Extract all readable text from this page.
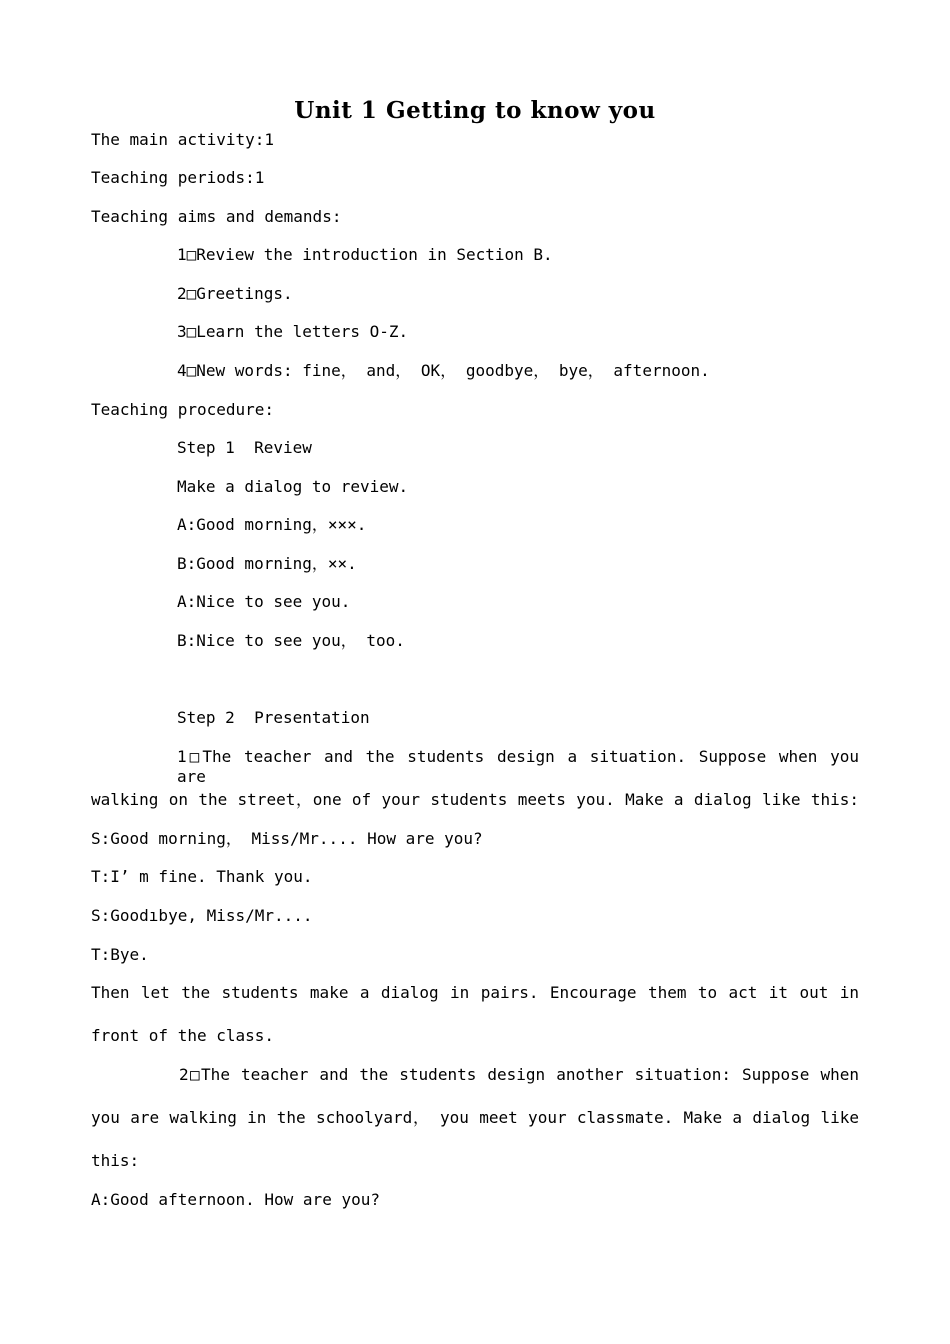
Unit 1 Getting to know you
The main activity:1
Teaching periods:1
Teaching aims and demands:
1□Review the introduction in Section B.
2□Greetings.
3□Learn the letters O-Z.
4□New words: fine， and， OK， goodbye， bye， afternoon.
Teaching procedure:
Step 1  Review
Make a dialog to review.
A:Good morning，×××.
B:Good morning，××.
A:Nice to see you.
B:Nice to see you， too.
Step 2  Presentation
1□The teacher and the students design a situation. Suppose when you are
walking on the street，one of your students meets you. Make a dialog like this:
S:Good morning， Miss/Mr.... How are you?
T:I’ m fine. Thank you.
S:Goodıbye, Miss/Mr....
T:Bye.
Then let the students make a dialog in pairs. Encourage them to act it out in
front of the class.
2□The teacher and the students design another situation: Suppose when
you are walking in the schoolyard， you meet your classmate. Make a dialog like
this:
A:Good afternoon. How are you?
